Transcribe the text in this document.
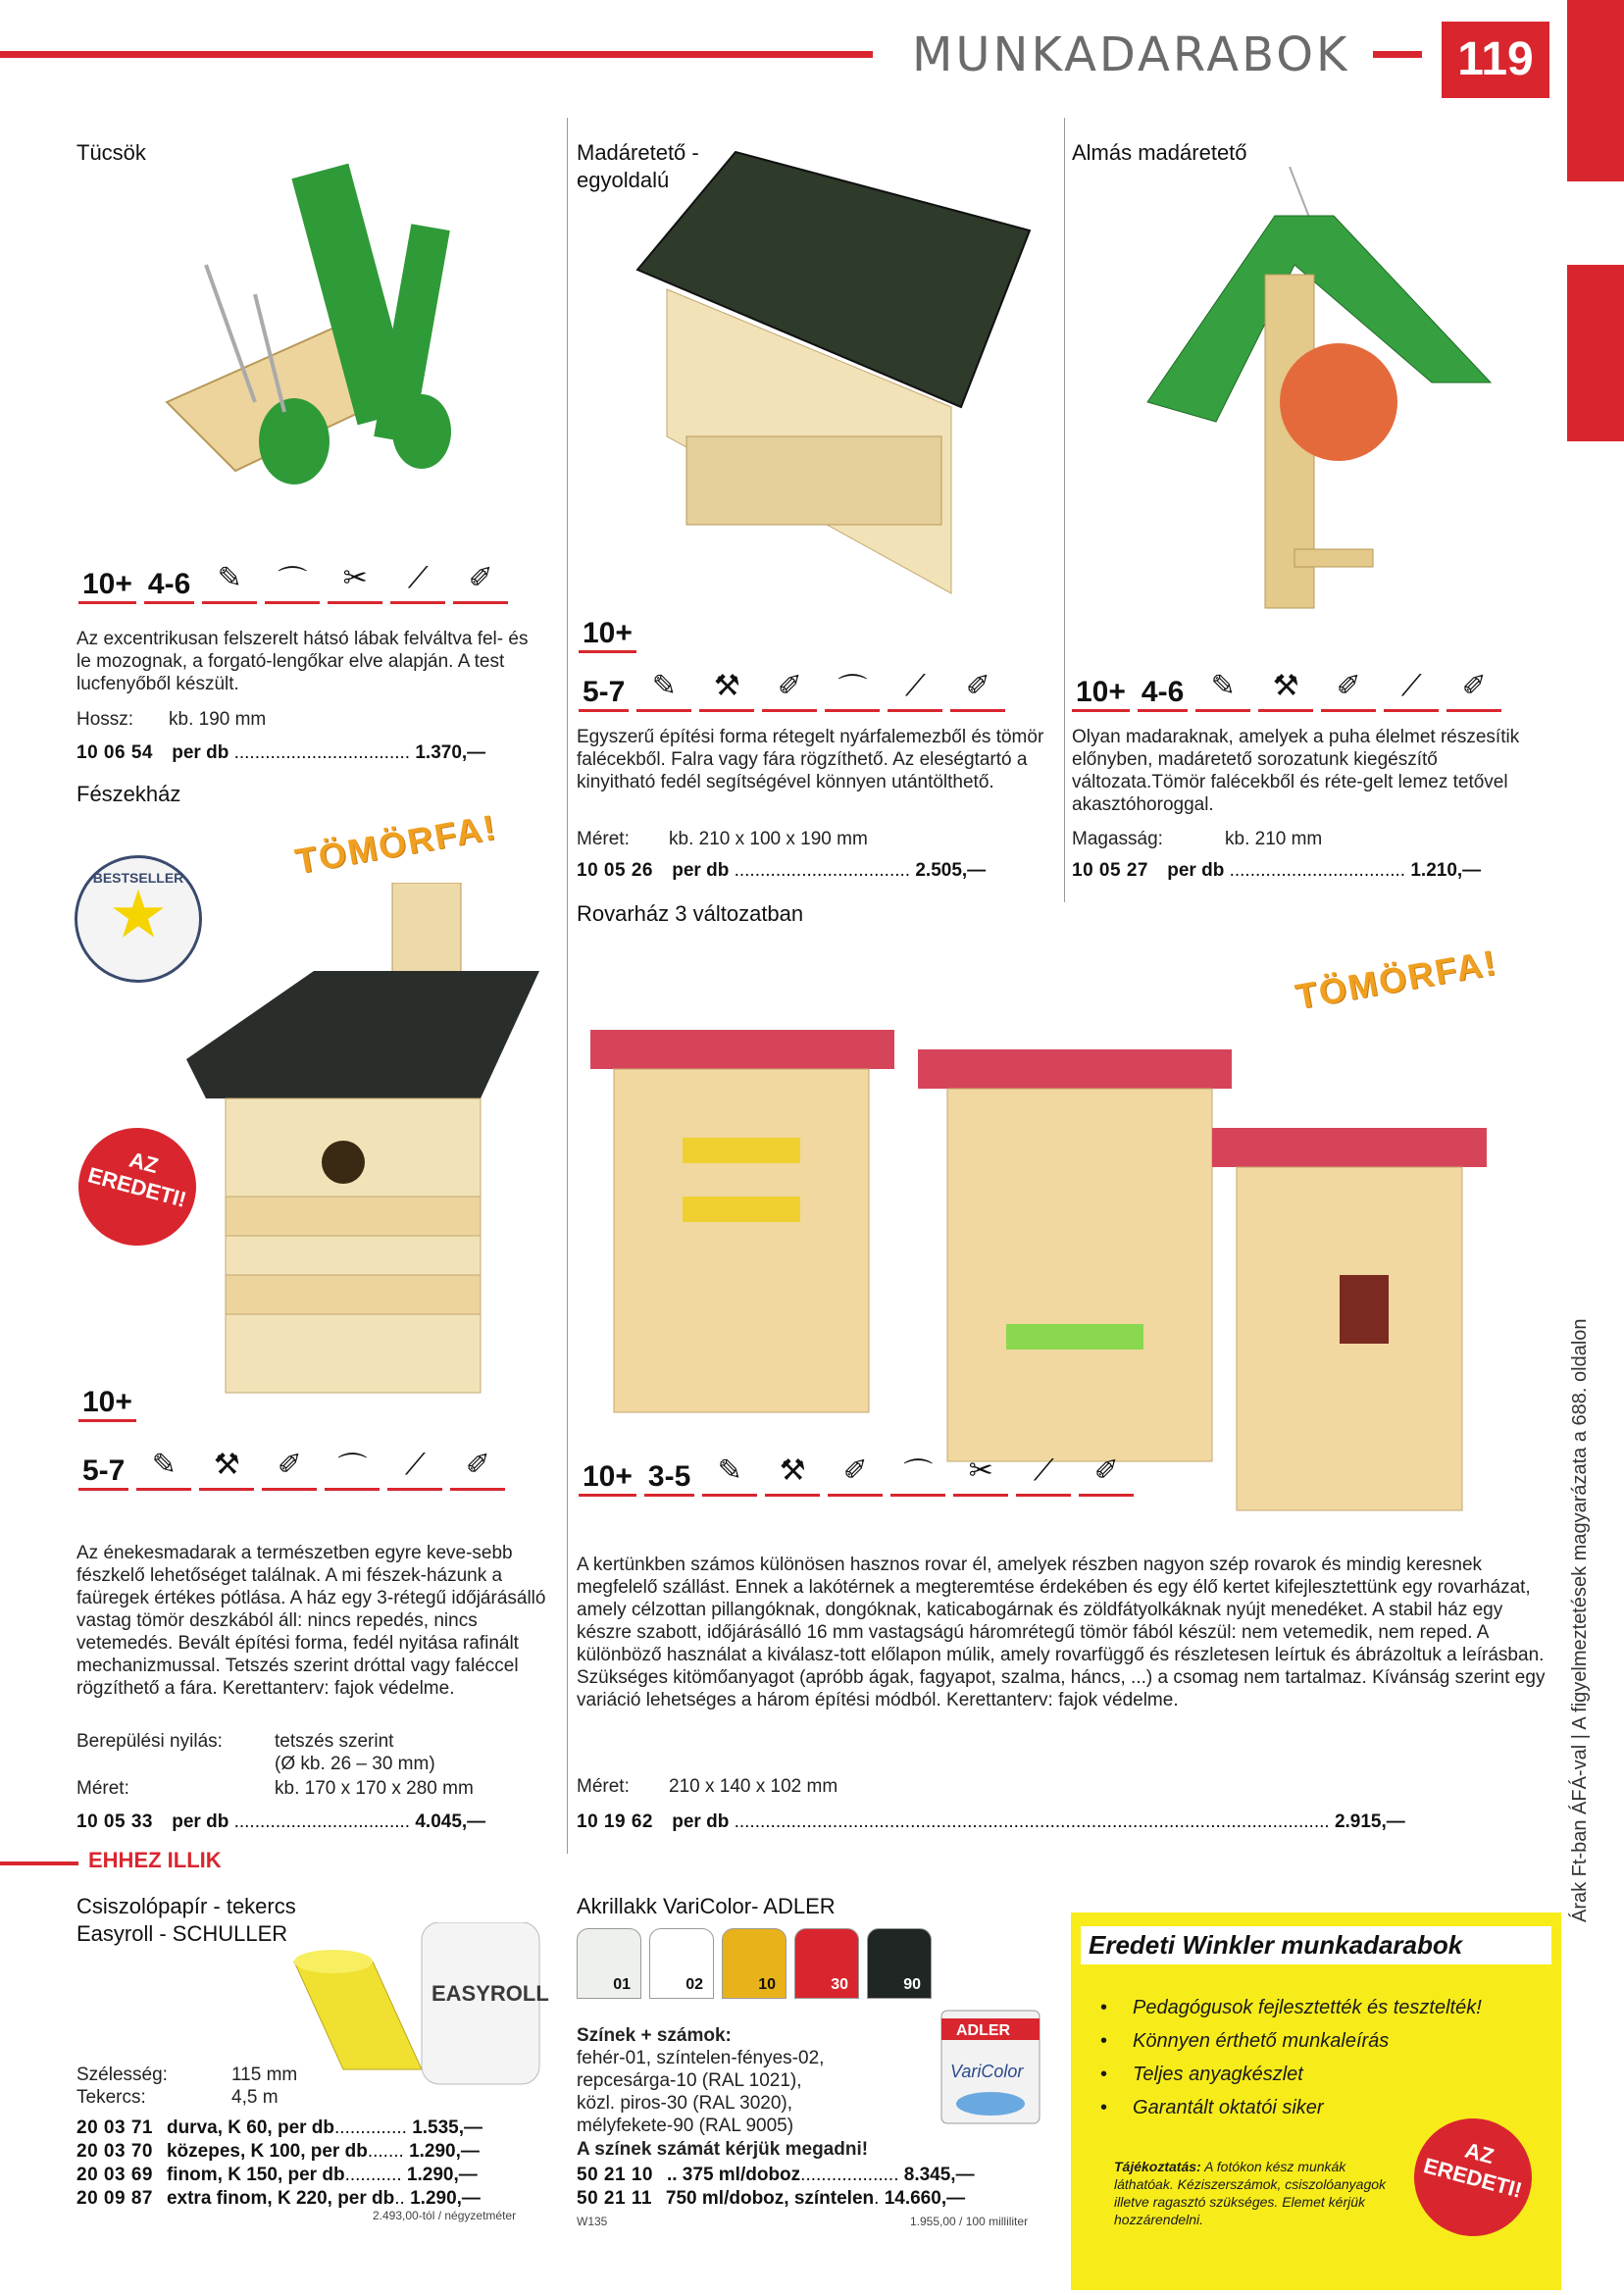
MUNKADARABOK	119
Árak Ft-ban ÁFÁ-val | A figyelmeztetések magyarázata a 688. oldalon
Tücsök
10+ 4-6 ✎	⌒	✂	⟋	✐
Az excentrikusan felszerelt hátsó lábak felváltva fel- és le mozognak, a forgató-lengőkar elve alapján. A test lucfenyőből készült.
Hossz: kb. 190 mm
10 06 54 per db .................................. 1.370,—
Madáretető -
egyoldalú
10+
5-7 ✎	⚒	✐	⌒	⟋	✐
Egyszerű építési forma rétegelt nyárfalemezből és tömör falécekből. Falra vagy fára rögzíthető. Az eleségtartó a kinyitható fedél segítségével könnyen utántölthető.
Méret: kb. 210 x 100 x 190 mm
10 05 26 per db .................................. 2.505,—
Almás madáretető
10+ 4-6 ✎	⚒	✐	⟋	✐
Olyan madaraknak, amelyek a puha élelmet részesítik előnyben, madáretető sorozatunk kiegészítő változata.Tömör falécekből és réte-gelt lemez tetővel akasztóhoroggal.
Magasság:	kb. 210 mm
10 05 27 per db .................................. 1.210,—
Fészekház
BESTSELLER
★
TÖMÖRFA!
AZ EREDETI!
10+
5-7 ✎	⚒	✐	⌒	⟋	✐
Az énekesmadarak a természetben egyre keve-sebb fészkelő lehetőséget találnak. A mi fészek-házunk a faüregek értékes pótlása. A ház egy 3-rétegű időjárásálló vastag tömör deszkából áll: nincs repedés, nincs vetemedés. Bevált építési forma, fedél nyitása rafinált mechanizmussal. Tetszés szerint dróttal vagy faléccel rögzíthető a fára. Kerettanterv: fajok védelme.
Berepülési nyilás:	tetszés szerint
(Ø kb. 26 – 30 mm)
Méret:	kb. 170 x 170 x 280 mm
10 05 33 per db .................................. 4.045,—
Rovarház 3 változatban
TÖMÖRFA!
10+ 3-5 ✎	⚒	✐	⌒	✂	⟋	✐
A kertünkben számos különösen hasznos rovar él, amelyek részben nagyon szép rovarok és mindig keresnek megfelelő szállást. Ennek a lakótérnek a megteremtése érdekében és egy élő kertet kifejlesztettünk egy rovarházat, amely célzottan pillangóknak, dongóknak, katicabogárnak és zöldfátyolkáknak nyújt menedéket. A stabil ház egy készre szabott, időjárásálló 16 mm vastagságú háromrétegű tömör fából készül: nem vetemedik, nem reped. A különböző használat a kiválasz-tott előlapon múlik, amely rovarfüggő és részletesen leírtuk és ábrázoltuk a leírásban. Szükséges kitömőanyagot (apróbb ágak, fagyapot, szalma, háncs, ...) a csomag nem tartalmaz. Kívánság szerint egy variáció lehetséges a három építési módból. Kerettanterv: fajok védelme.
Méret: 210 x 140 x 102 mm
10 19 62 per db ................................................................................................................... 2.915,—
EHHEZ ILLIK
Csiszolópapír - tekercs
Easyroll - SCHULLER
EASYROLL
Szélesség:	115 mm
Tekercs:	4,5 m
20 03 71 durva, K 60, per db.............. 1.535,—
20 03 70 közepes, K 100, per db....... 1.290,—
20 03 69 finom, K 150, per db........... 1.290,—
20 09 87 extra finom, K 220, per db.. 1.290,—
2.493,00-tól / négyzetméter
Akrillakk VariColor- ADLER
01	02	10	30	90
Színek + számok:
fehér-01, színtelen-fényes-02,
repcesárga-10 (RAL 1021),
közl. piros-30 (RAL 3020),
mélyfekete-90 (RAL 9005)
A színek számát kérjük megadni!
ADLER
VariColor
50 21 10 .. 375 ml/doboz................... 8.345,—
50 21 11 750 ml/doboz, színtelen. 14.660,—
W135	1.955,00 / 100 milliliter
Eredeti Winkler munkadarabok
• Pedagógusok fejlesztették és tesztelték!
• Könnyen érthető munkaleírás
• Teljes anyagkészlet
• Garantált oktatói siker
Tájékoztatás: A fotókon kész munkák láthatóak. Kéziszerszámok, csiszolóanyagok illetve ragasztó szükséges. Elemet kérjük hozzárendelni.
AZ EREDETI!
